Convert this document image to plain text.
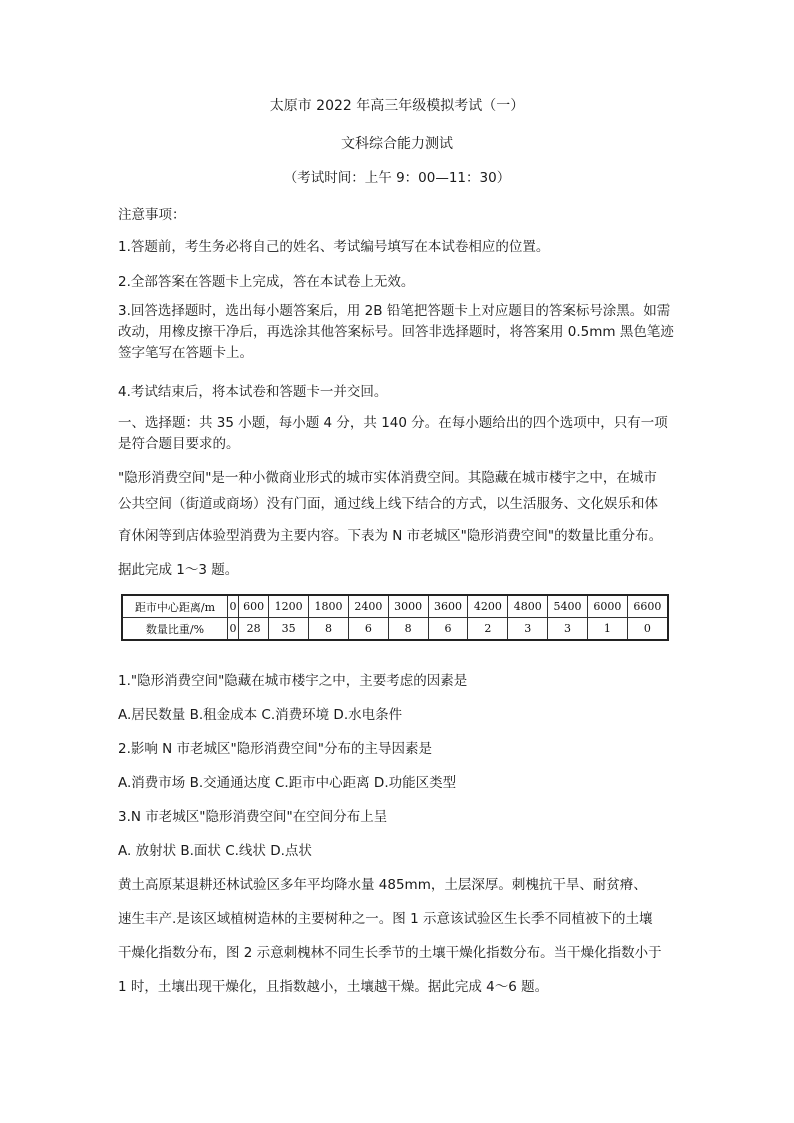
太原市 2022 年高三年级模拟考试（一）
文科综合能力测试
（考试时间：上午 9：00—11：30）
注意事项：
1.答题前，考生务必将自己的姓名、考试编号填写在本试卷相应的位置。
2.全部答案在答题卡上完成，答在本试卷上无效。
3.回答选择题时，选出每小题答案后，用 2B 铅笔把答题卡上对应题目的答案标号涂黑。如需改动，用橡皮擦干净后，再选涂其他答案标号。回答非选择题时，将答案用 0.5mm 黑色笔迹签字笔写在答题卡上。
4.考试结束后，将本试卷和答题卡一并交回。
一、选择题：共 35 小题，每小题 4 分，共 140 分。在每小题给出的四个选项中，只有一项是符合题目要求的。
"隐形消费空间"是一种小微商业形式的城市实体消费空间。其隐藏在城市楼宇之中，在城市
公共空间（街道或商场）没有门面，通过线上线下结合的方式，以生活服务、文化娱乐和体
育休闲等到店体验型消费为主要内容。下表为 N 市老城区"隐形消费空间"的数量比重分布。
据此完成 1～3 题。
距市中心距离/m	0	600	1200	1800	2400	3000	3600	4200	4800	5400	6000	6600
数量比重/%	0	28	35	8	6	8	6	2	3	3	1	0
1."隐形消费空间"隐藏在城市楼宇之中，主要考虑的因素是
A.居民数量 B.租金成本 C.消费环境 D.水电条件
2.影响 N 市老城区"隐形消费空间"分布的主导因素是
A.消费市场 B.交通通达度 C.距市中心距离 D.功能区类型
3.N 市老城区"隐形消费空间"在空间分布上呈
A. 放射状 B.面状 C.线状 D.点状
黄土高原某退耕还林试验区多年平均降水量 485mm，土层深厚。刺槐抗干旱、耐贫瘠、
速生丰产.是该区域植树造林的主要树种之一。图 1 示意该试验区生长季不同植被下的土壤
干燥化指数分布，图 2 示意刺槐林不同生长季节的土壤干燥化指数分布。当干燥化指数小于
1 时，土壤出现干燥化，且指数越小，土壤越干燥。据此完成 4～6 题。
